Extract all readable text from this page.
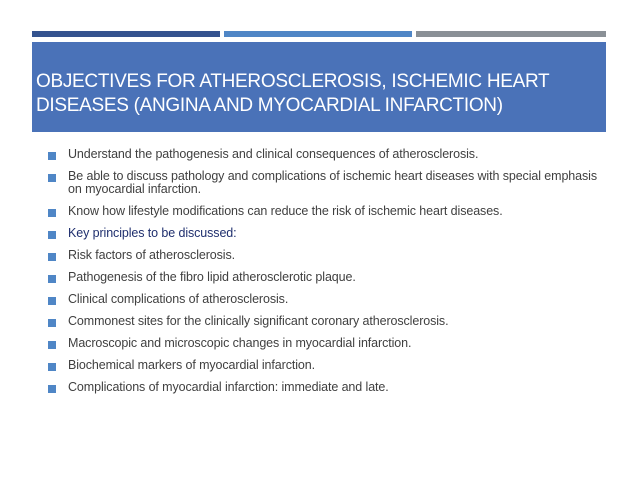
OBJECTIVES FOR ATHEROSCLEROSIS, ISCHEMIC HEART DISEASES (ANGINA AND MYOCARDIAL INFARCTION)
Understand the pathogenesis and clinical consequences of atherosclerosis.
Be able to discuss pathology and complications of ischemic heart diseases with special emphasis on myocardial infarction.
Know how lifestyle modifications can reduce the risk of ischemic heart diseases.
Key principles to be discussed:
Risk factors of atherosclerosis.
Pathogenesis of the fibro lipid atherosclerotic plaque.
Clinical complications of atherosclerosis.
Commonest sites for the clinically significant coronary atherosclerosis.
Macroscopic and microscopic changes in myocardial infarction.
Biochemical markers of myocardial infarction.
Complications of myocardial infarction: immediate and late.
